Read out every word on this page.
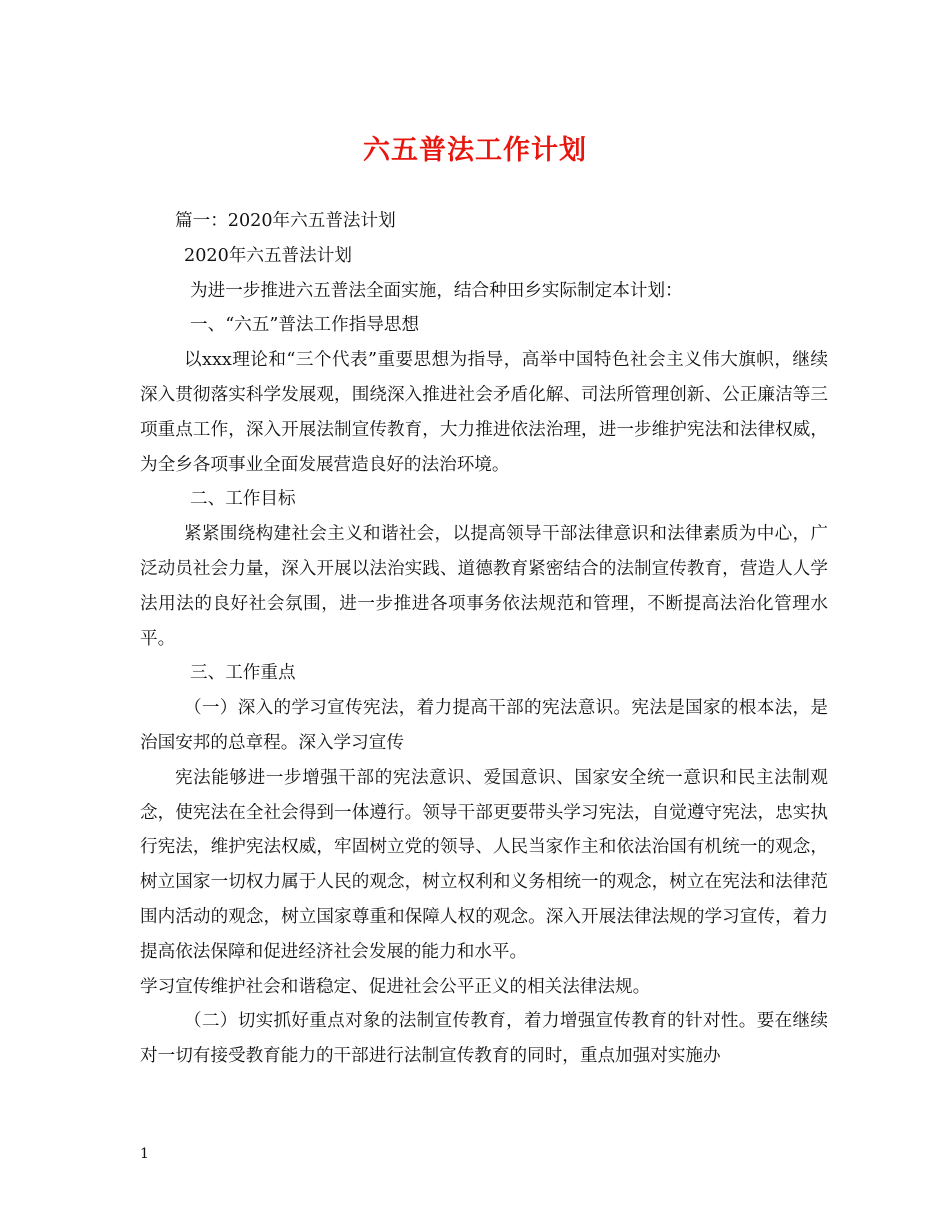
六五普法工作计划

篇一：2020年六五普法计划

2020年六五普法计划

为进一步推进六五普法全面实施，结合种田乡实际制定本计划：

一、“六五”普法工作指导思想

以xxx理论和“三个代表”重要思想为指导，高举中国特色社会主义伟大旗帜，继续深入贯彻落实科学发展观，围绕深入推进社会矛盾化解、司法所管理创新、公正廉洁等三项重点工作，深入开展法制宣传教育，大力推进依法治理，进一步维护宪法和法律权威，为全乡各项事业全面发展营造良好的法治环境。

二、工作目标

紧紧围绕构建社会主义和谐社会，以提高领导干部法律意识和法律素质为中心，广泛动员社会力量，深入开展以法治实践、道德教育紧密结合的法制宣传教育，营造人人学法用法的良好社会氛围，进一步推进各项事务依法规范和管理，不断提高法治化管理水平。

三、工作重点

（一）深入的学习宣传宪法，着力提高干部的宪法意识。宪法是国家的根本法，是治国安邦的总章程。深入学习宣传

宪法能够进一步增强干部的宪法意识、爱国意识、国家安全统一意识和民主法制观念，使宪法在全社会得到一体遵行。领导干部更要带头学习宪法，自觉遵守宪法，忠实执行宪法，维护宪法权威，牢固树立党的领导、人民当家作主和依法治国有机统一的观念，树立国家一切权力属于人民的观念，树立权利和义务相统一的观念，树立在宪法和法律范围内活动的观念，树立国家尊重和保障人权的观念。深入开展法律法规的学习宣传，着力提高依法保障和促进经济社会发展的能力和水平。

学习宣传维护社会和谐稳定、促进社会公平正义的相关法律法规。

（二）切实抓好重点对象的法制宣传教育，着力增强宣传教育的针对性。要在继续对一切有接受教育能力的干部进行法制宣传教育的同时，重点加强对实施办

1
